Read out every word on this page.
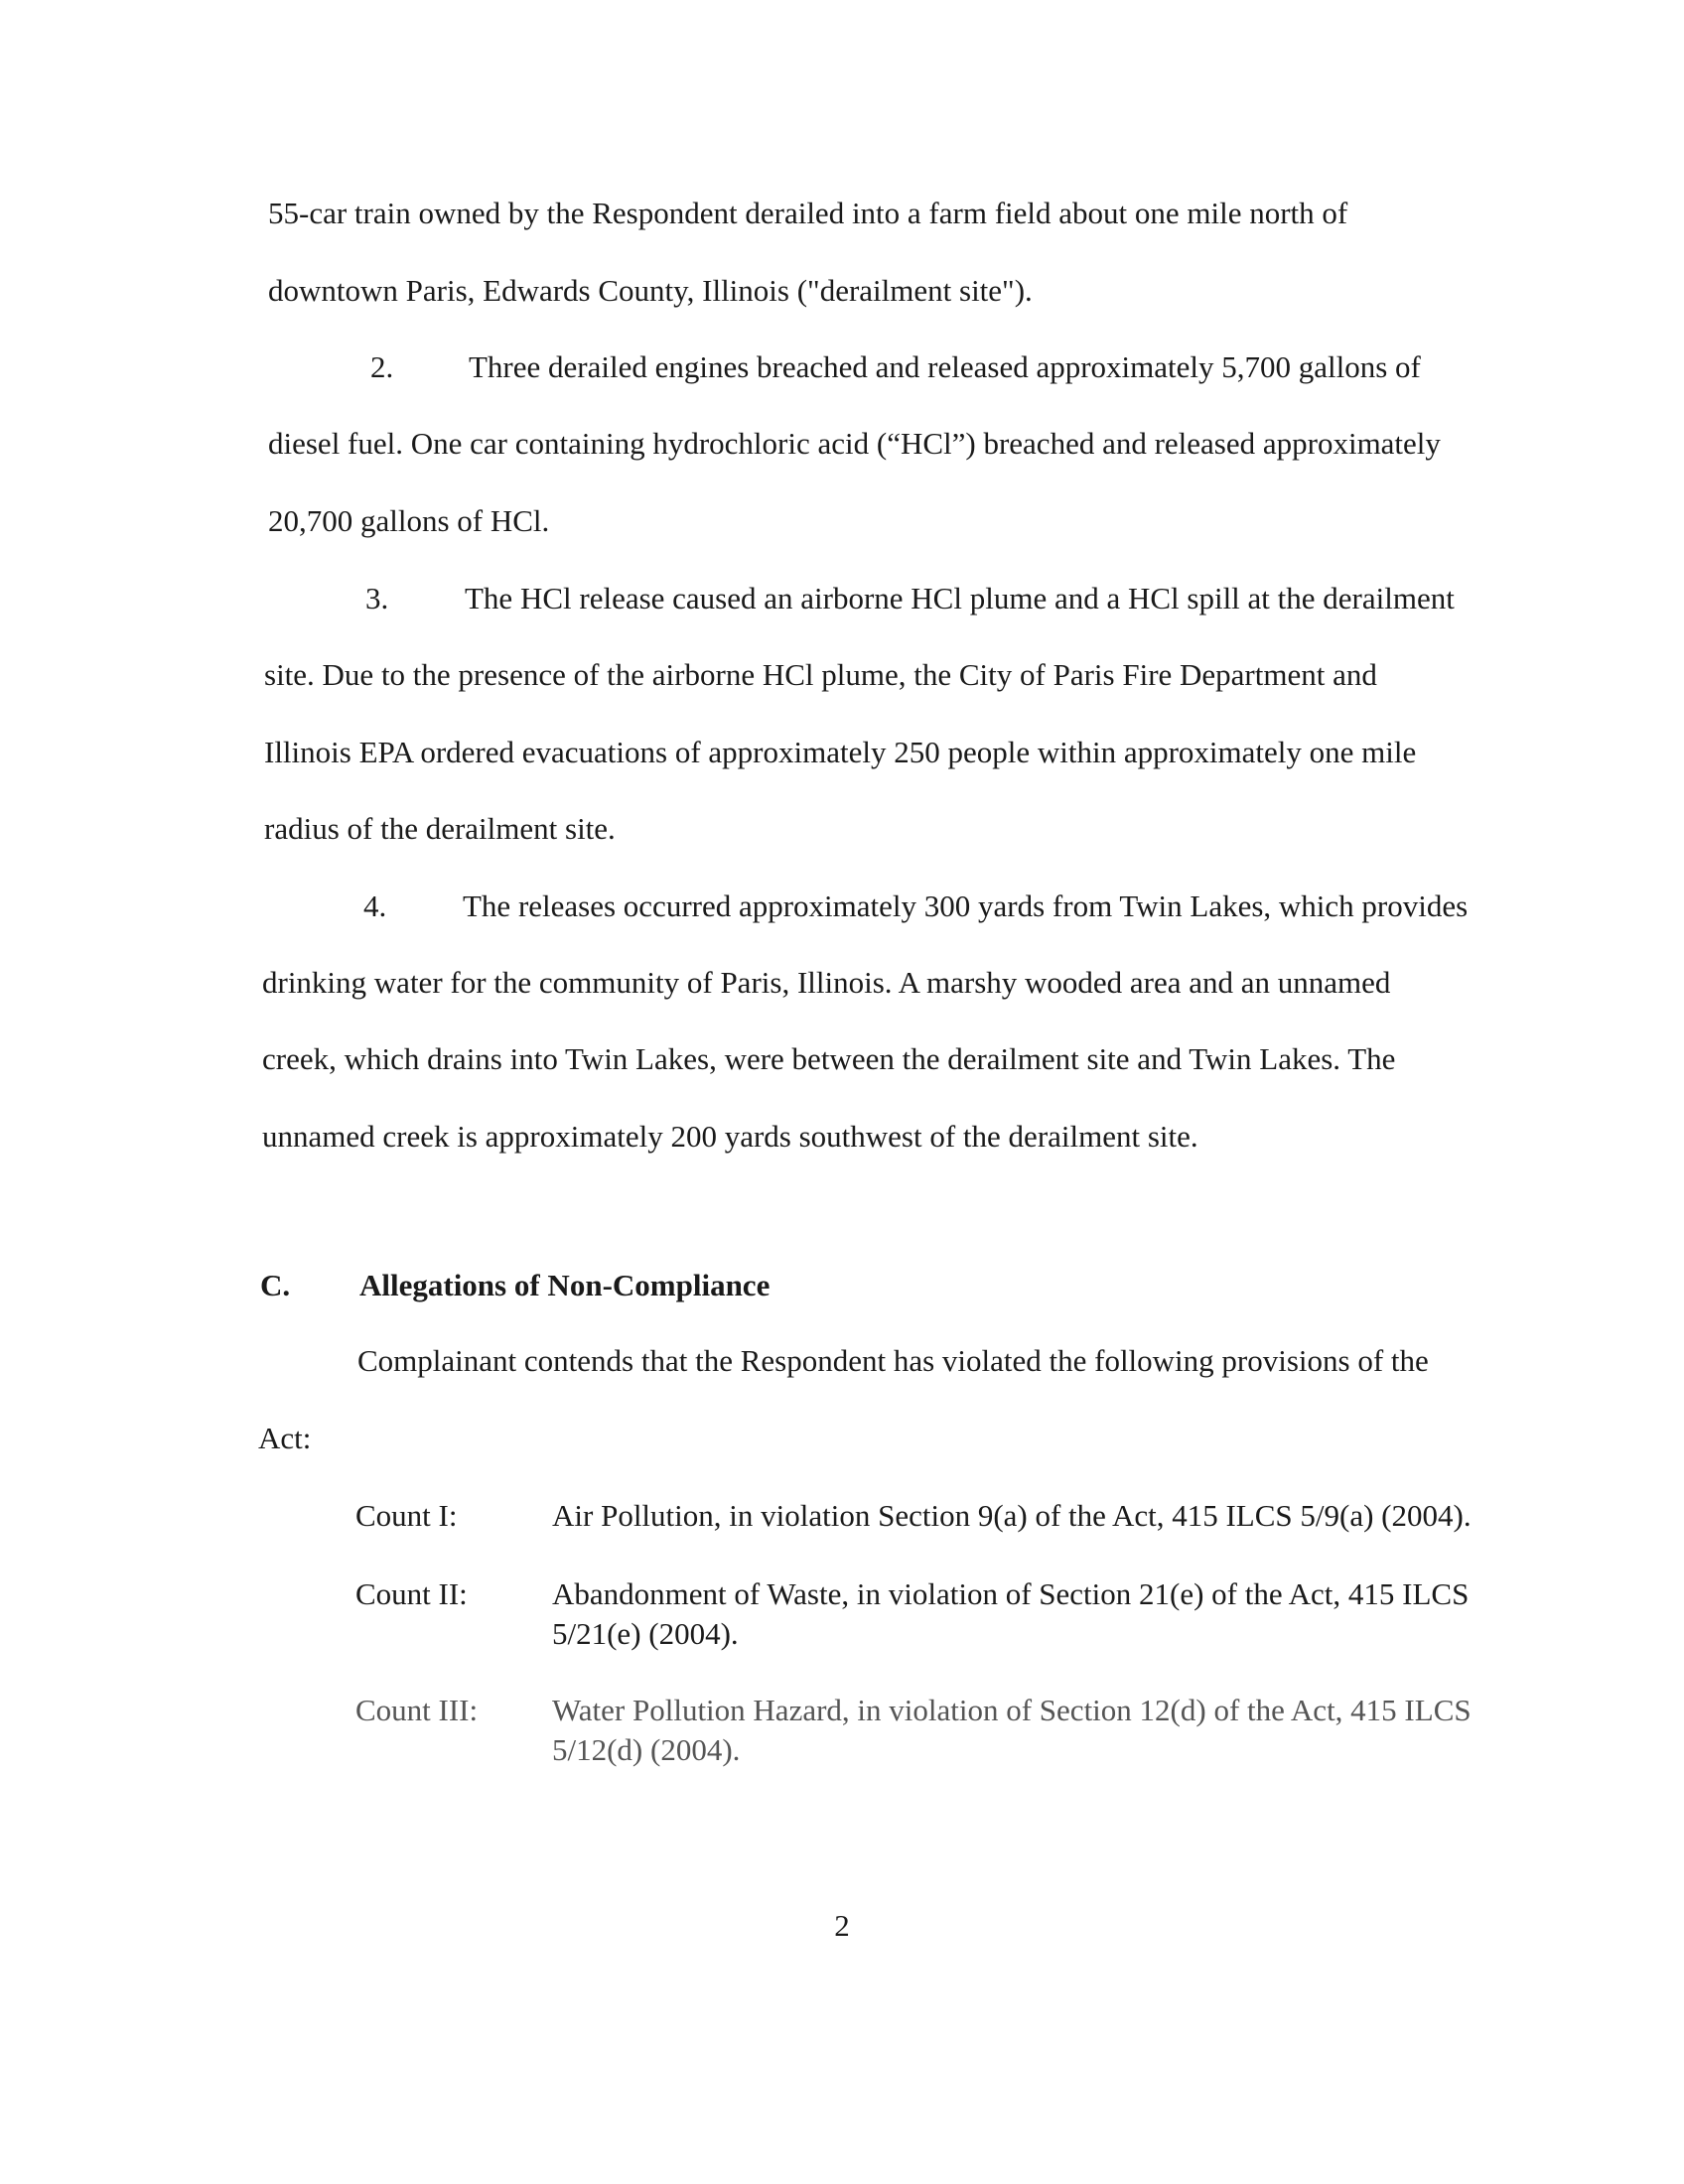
55-car train owned by the Respondent derailed into a farm field about one mile north of
downtown Paris, Edwards County, Illinois ("derailment site").
2. Three derailed engines breached and released approximately 5,700 gallons of
diesel fuel. One car containing hydrochloric acid (“HCl”) breached and released approximately
20,700 gallons of HCl.
3. The HCl release caused an airborne HCl plume and a HCl spill at the derailment
site. Due to the presence of the airborne HCl plume, the City of Paris Fire Department and
Illinois EPA ordered evacuations of approximately 250 people within approximately one mile
radius of the derailment site.
4. The releases occurred approximately 300 yards from Twin Lakes, which provides
drinking water for the community of Paris, Illinois. A marshy wooded area and an unnamed
creek, which drains into Twin Lakes, were between the derailment site and Twin Lakes. The
unnamed creek is approximately 200 yards southwest of the derailment site.
C. Allegations of Non-Compliance
Complainant contends that the Respondent has violated the following provisions of the
Act:
Count I:	Air Pollution, in violation Section 9(a) of the Act, 415 ILCS 5/9(a) (2004).
Count II:	Abandonment of Waste, in violation of Section 21(e) of the Act, 415 ILCS 5/21(e) (2004).
Count III: Water Pollution Hazard, in violation of Section 12(d) of the Act, 415 ILCS 5/12(d) (2004).
2
